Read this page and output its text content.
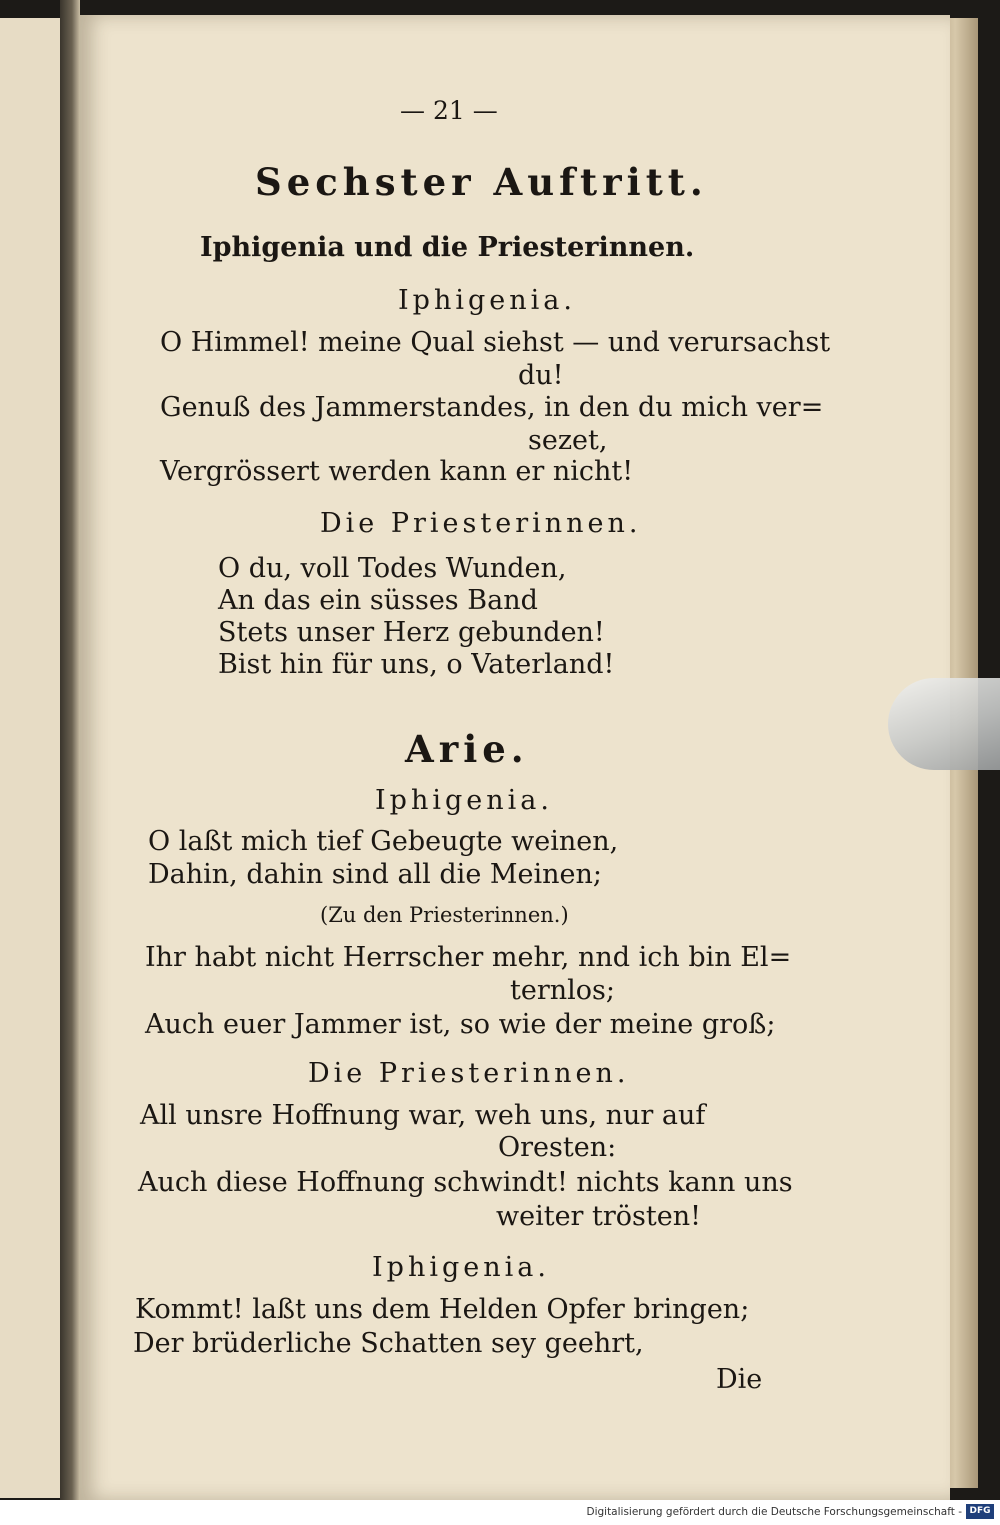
— 21 —
Sechster Auftritt.
Iphigenia und die Priesterinnen.
Iphigenia.
O Himmel! meine Qual siehst — und verursachst
du!
Genuß des Jammerstandes, in den du mich ver=
sezet,
Vergrössert werden kann er nicht!
Die Priesterinnen.
O du, voll Todes Wunden,
An das ein süsses Band
Stets unser Herz gebunden!
Bist hin für uns, o Vaterland!
Arie.
Iphigenia.
O laßt mich tief Gebeugte weinen,
Dahin, dahin sind all die Meinen;
(Zu den Priesterinnen.)
Ihr habt nicht Herrscher mehr, nnd ich bin El=
ternlos;
Auch euer Jammer ist, so wie der meine groß;
Die Priesterinnen.
All unsre Hoffnung war, weh uns, nur auf
Oresten:
Auch diese Hoffnung schwindt! nichts kann uns
weiter trösten!
Iphigenia.
Kommt! laßt uns dem Helden Opfer bringen;
Der brüderliche Schatten sey geehrt,
Die
Digitalisierung gefördert durch die Deutsche Forschungsgemeinschaft - DFG
